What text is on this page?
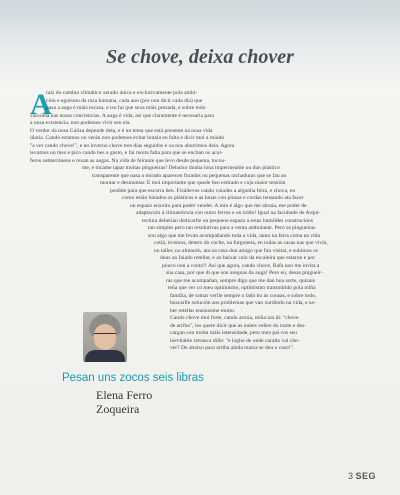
Se chove, deixa chover
A
raiz do cambio climático xerado única e exclusivamente pola ambi-
ción e egoísmo da raza humana, cada ano (por non dicir cada día) que
pasa a auga é máis escasa, e iso fai que sexa máis prezada, e sobre todo
valorada nas nosas conciencias. A auga é vida, así que claramente é necesaria para
a nosa existencia, non podemos vivir sen ela.
O verdor da nosa Galiza depende dela, e é un tema que está presente na nosa vida
diaria. Cando estamos no verán non podemos evitar botala en falta e dicir moi a miúdo
"a ver cando chove!", e no inverno chove tres días seguidos e xa nos aburrimos dela. Agora
levamos un mes e pico cando bes a gusto, e fai moita falta para que se enchan os acuí-
feros subterráneos e rexan as augas. Na vida de feirante que levo desde pequena, tocou-
me, e tócame tapar moitas pingueiras! Debaixo dunha lona impermeable ou dun plástico
transparente que nasa a mirado aparecen furados ou pequenas rachaduras que se fan ao
montar e desmontar. É moi importante que quede ben estirado e cuja maior tensión
posible para que escorra ben. Fixádevos cando vaiades a algunha feira, e chova, en
como están botados os plásticos e as lonas con pinzas e cordas tensando ata facer
un espazo enxoito para poder vender. A min é algo que me abraia, ese poder de
adaptación á climatoloxía con outro ferros e un toldo! Igual na facultade de Arqui-
tectura deberían dedicarlle un pequeno espazo a estas humildes construcións
tan simples pero tan resolutivas para a venta ambulante. Pero as pingueiras
son algo que me levan acompañando toda a vida, tanto na feira coma na vida
cotiá, tivemos, dentro do coche, na furgoneta, en todas as casas nas que vivín,
no taller, no almacén, ata na casa dun amigo que fun visitar, e subimos os
dous ao faiado retellar, e ao baixar caín da escaleira que estaron e por
pouco non a conto!! Así que agora, cando chove, Rafa non me invita a
súa casa, por que di que son aregoas da auga! Pero eu, desas pingueir-
ras que me acompañan, sempre digo que me dan boa sorte, quizais
teña que ver co meu optimismo, optimismo transmitido pola miña
familia, de tomar verlle sempre o lado bo ás cousas, e sobre todo,
buscarlle solución aos problemas que van xurdindo na vida, e sa-
ber retellar ensinosme moito.
Cando chove moi forte, cando arroia, miña nai di: "chove
de arriba", iso quere dicir que as nubes veñen do norte e des-
cargan con moita máis intensidade, pero men pai cos seu
inevitable retranca dille: "e logho de onde caralio vai cho-
ver? De abaixo para arriba ainda nunca se deu o caso!".
Pesan uns zocos seis libras
Elena Ferro
Zoqueira
3 SEG
